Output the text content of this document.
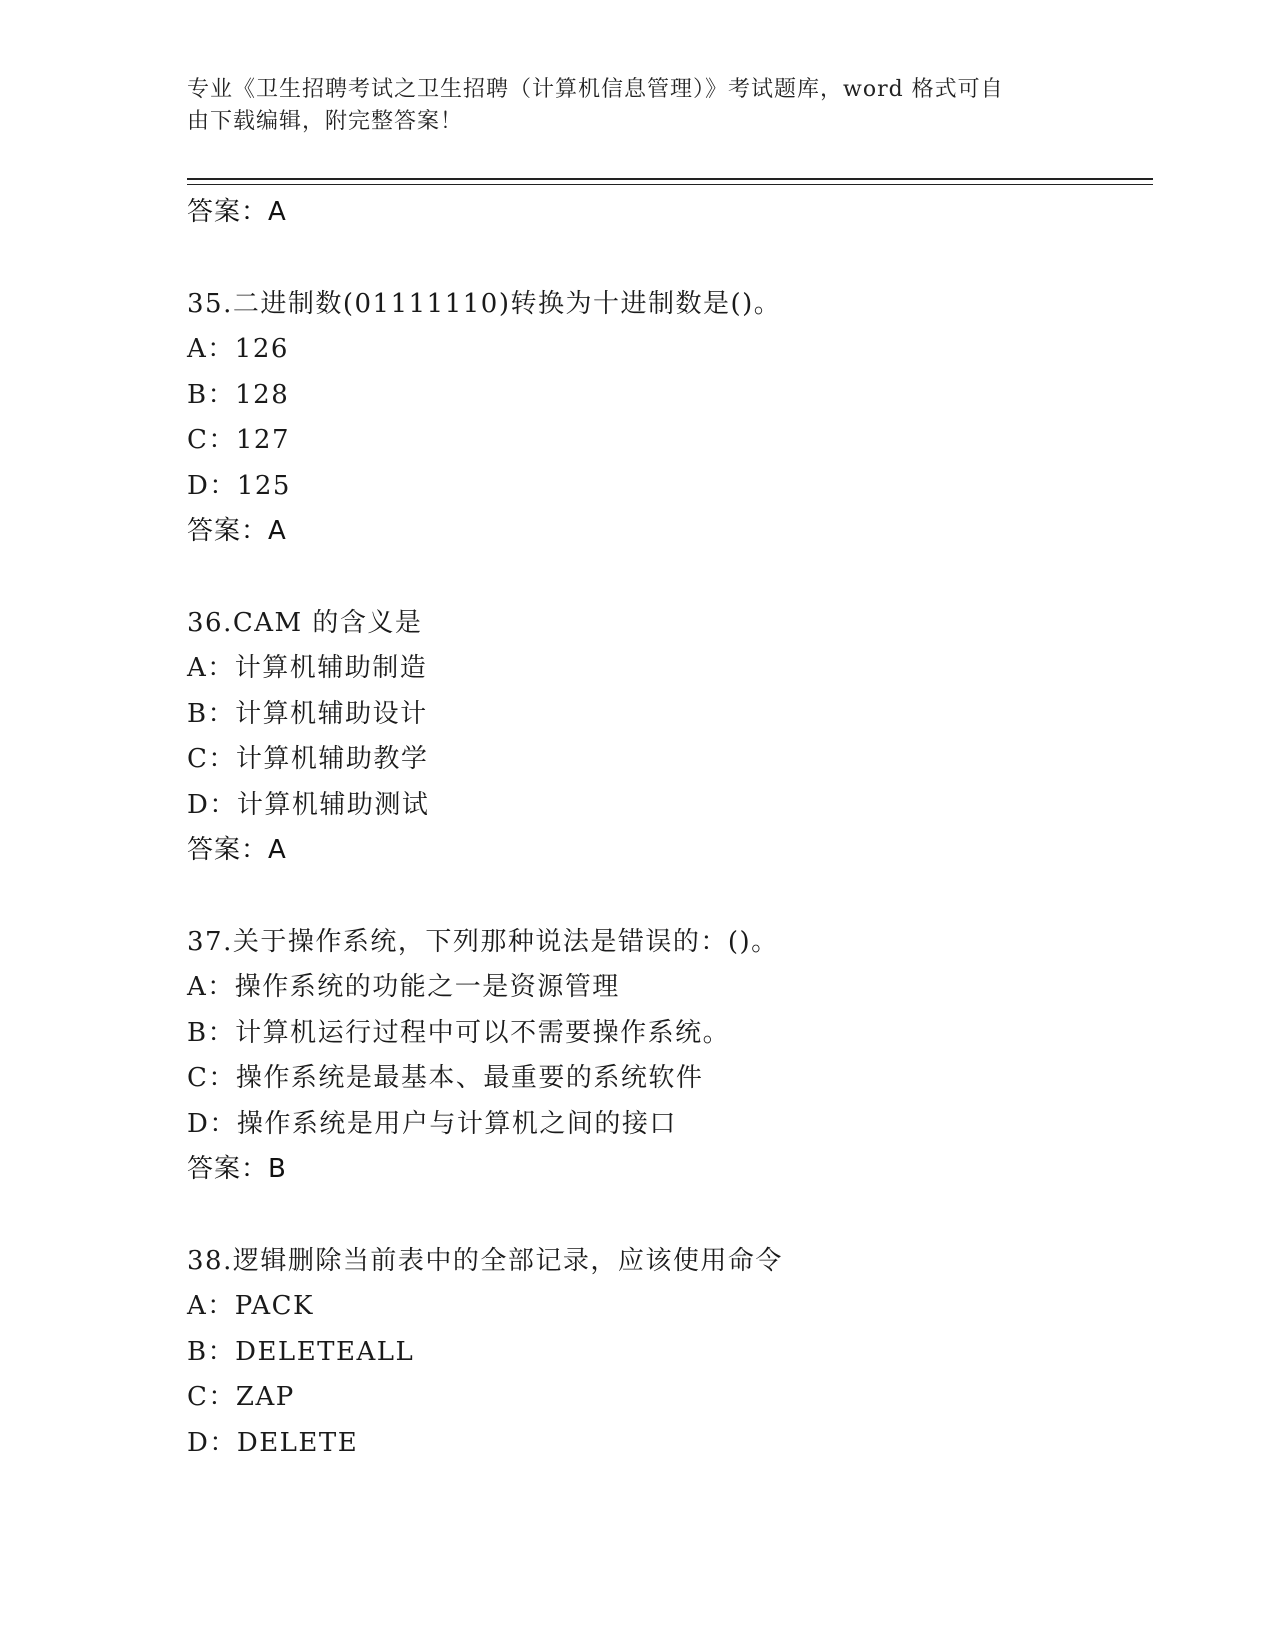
专业《卫生招聘考试之卫生招聘（计算机信息管理）》考试题库，word 格式可自
由下载编辑，附完整答案！
答案：A
35.二进制数(01111110)转换为十进制数是()。
A：126
B：128
C：127
D：125
答案：A
36.CAM 的含义是
A：计算机辅助制造
B：计算机辅助设计
C：计算机辅助教学
D：计算机辅助测试
答案：A
37.关于操作系统，下列那种说法是错误的：()。
A：操作系统的功能之一是资源管理
B：计算机运行过程中可以不需要操作系统。
C：操作系统是最基本、最重要的系统软件
D：操作系统是用户与计算机之间的接口
答案：B
38.逻辑删除当前表中的全部记录，应该使用命令
A：PACK
B：DELETEALL
C：ZAP
D：DELETE
